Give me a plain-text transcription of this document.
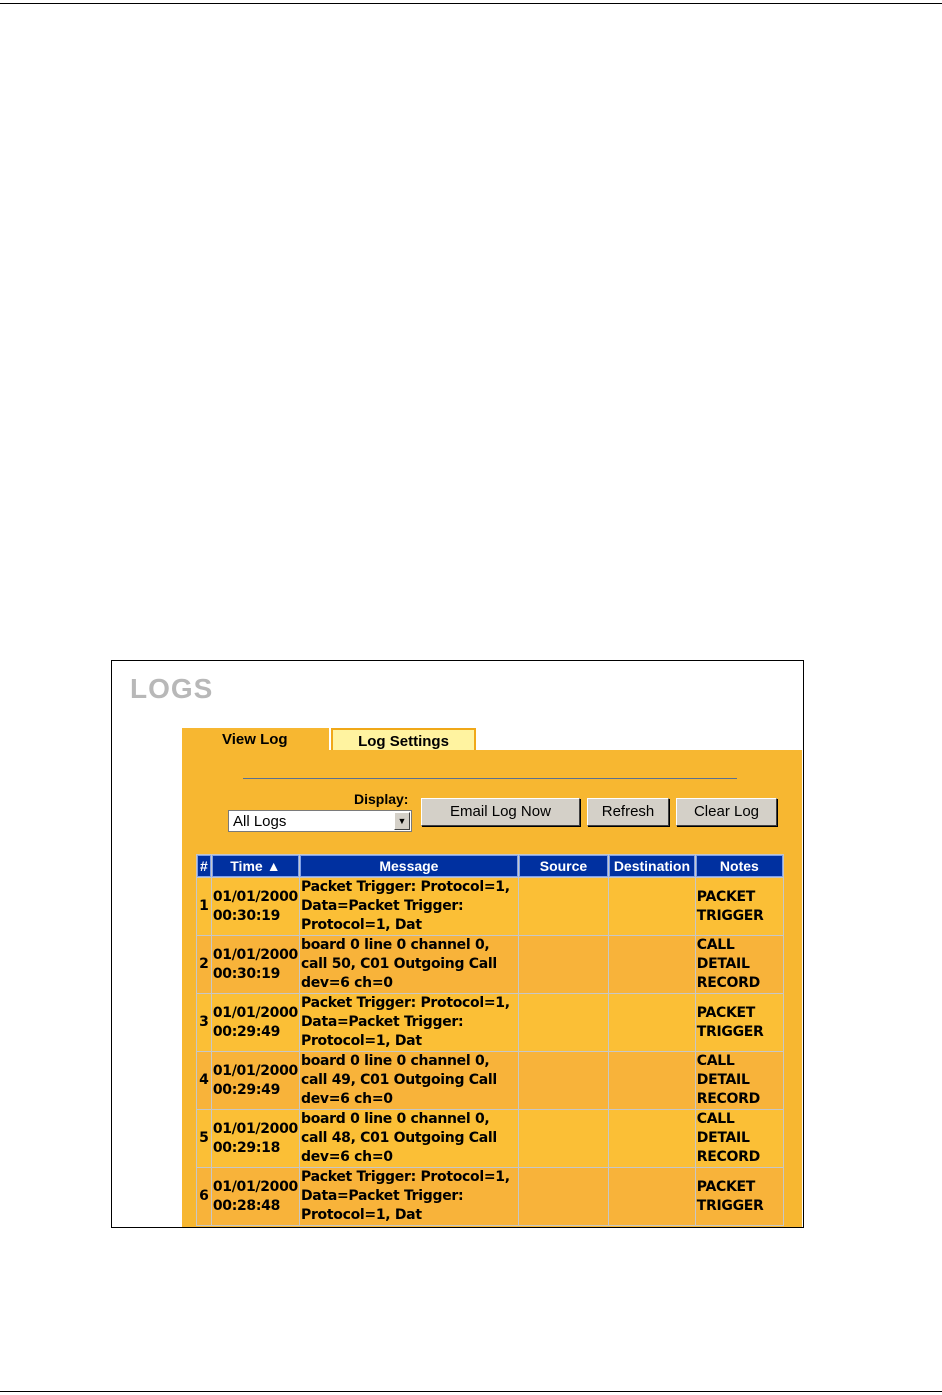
LOGS
View Log	Log Settings
Display:
All Logs	▼
Email Log Now	Refresh	Clear Log
#	Time ▲	Message	Source	Destination	Notes
1	01/01/2000 00:30:19	Packet Trigger: Protocol=1, Data=Packet Trigger: Protocol=1, Dat			PACKET TRIGGER
2	01/01/2000 00:30:19	board 0 line 0 channel 0, call 50, C01 Outgoing Call dev=6 ch=0			CALL DETAIL RECORD
3	01/01/2000 00:29:49	Packet Trigger: Protocol=1, Data=Packet Trigger: Protocol=1, Dat			PACKET TRIGGER
4	01/01/2000 00:29:49	board 0 line 0 channel 0, call 49, C01 Outgoing Call dev=6 ch=0			CALL DETAIL RECORD
5	01/01/2000 00:29:18	board 0 line 0 channel 0, call 48, C01 Outgoing Call dev=6 ch=0			CALL DETAIL RECORD
6	01/01/2000 00:28:48	Packet Trigger: Protocol=1, Data=Packet Trigger: Protocol=1, Dat			PACKET TRIGGER
